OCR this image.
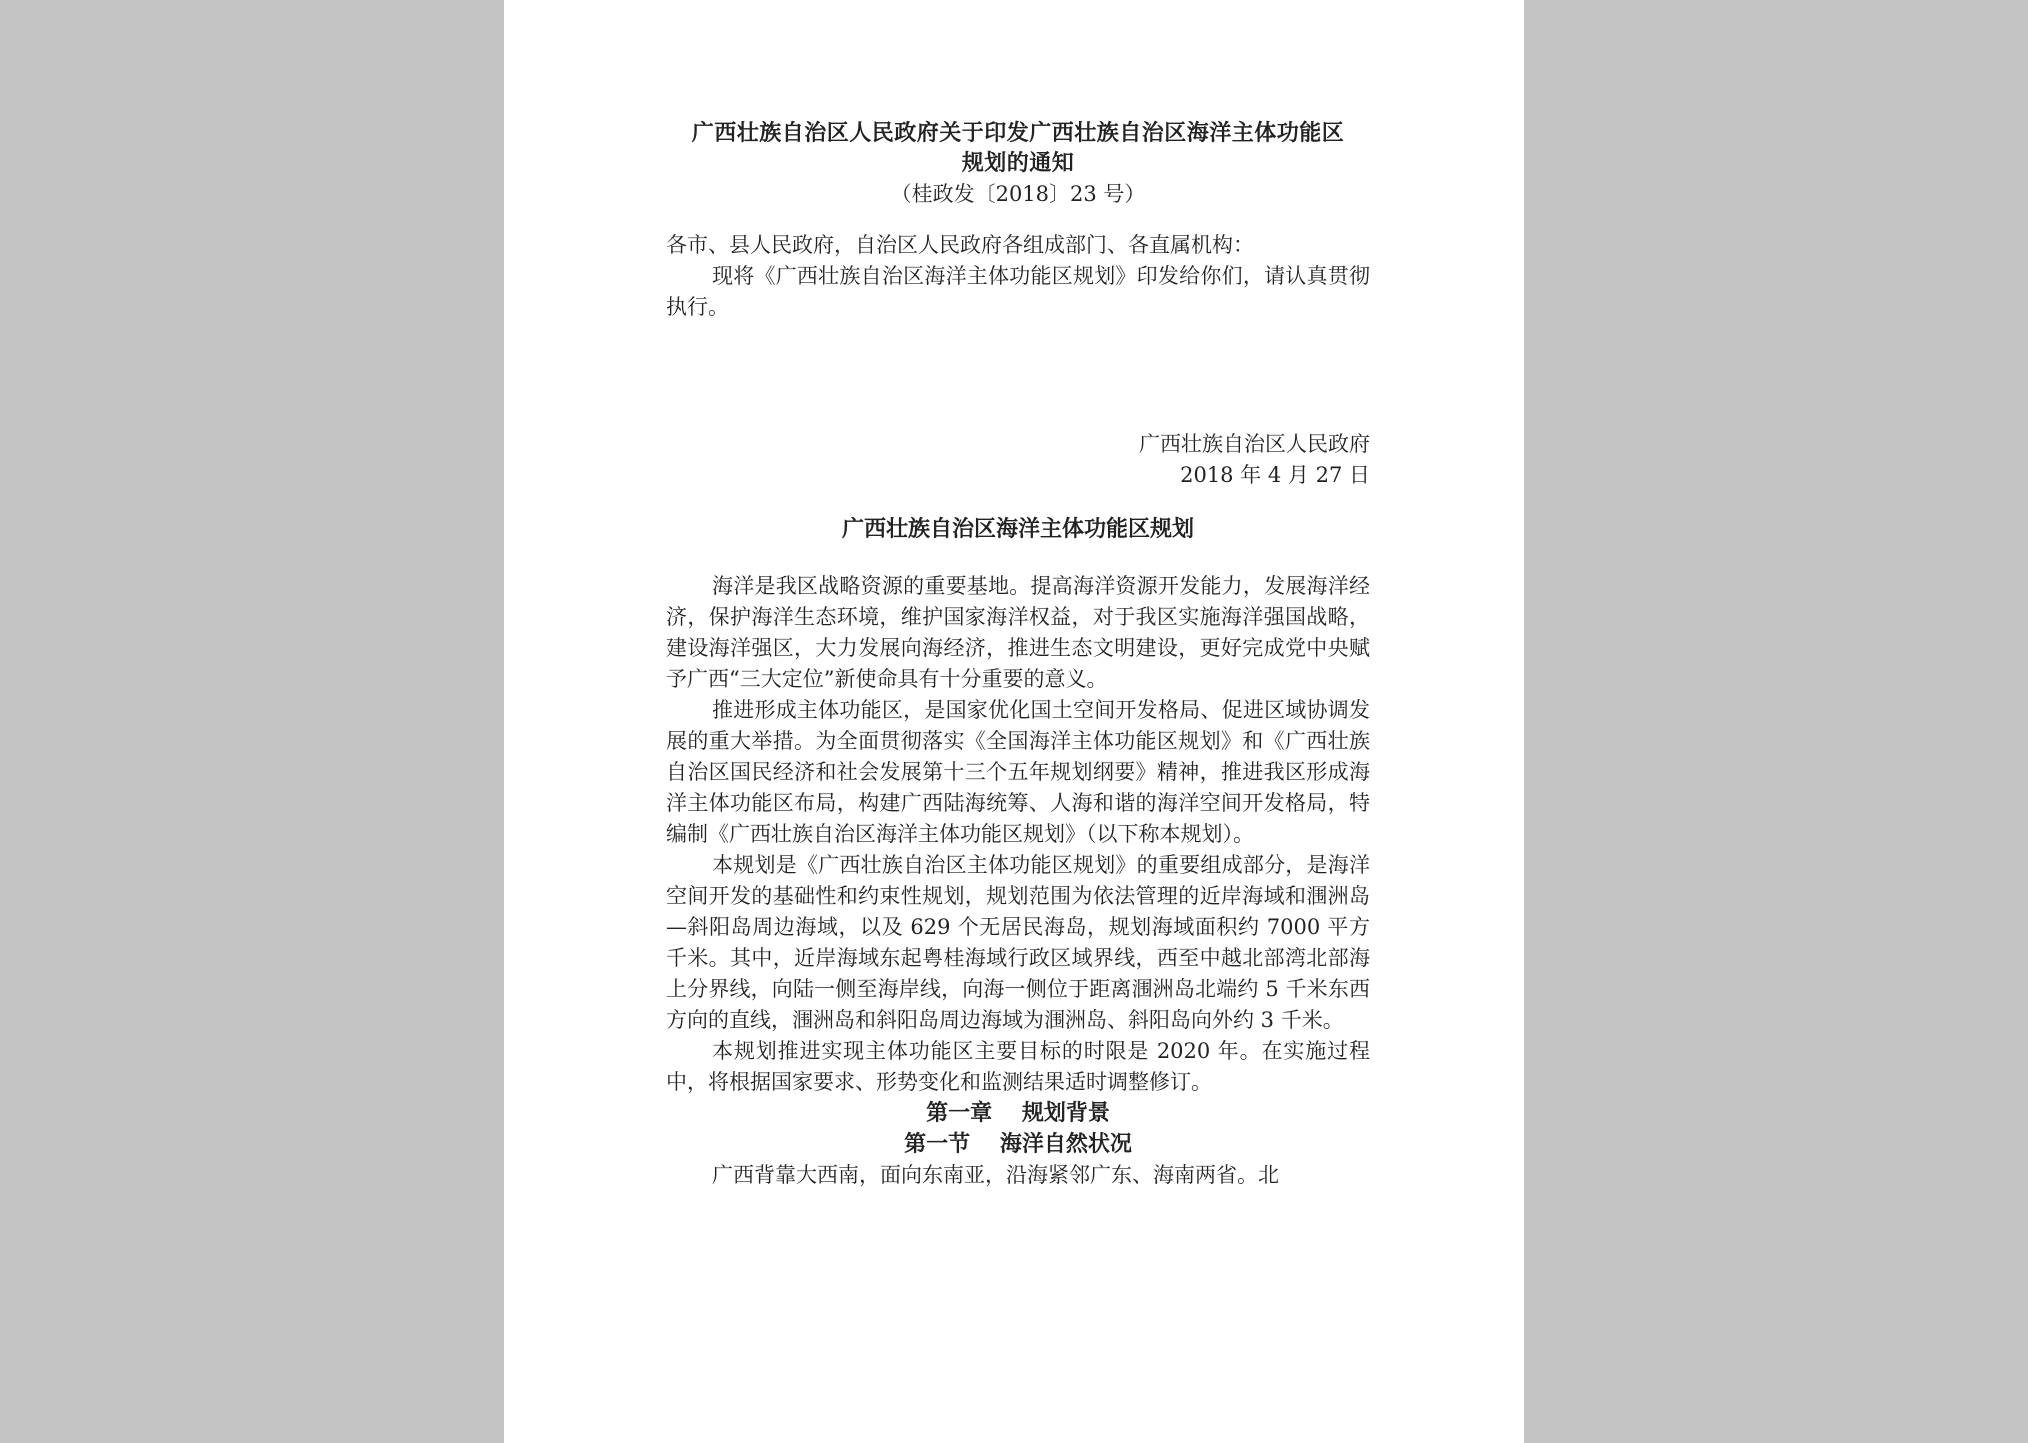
广西壮族自治区人民政府关于印发广西壮族自治区海洋主体功能区
规划的通知
（桂政发〔2018〕23 号）

各市、县人民政府，自治区人民政府各组成部门、各直属机构：

现将《广西壮族自治区海洋主体功能区规划》印发给你们，请认真贯彻执行。

广西壮族自治区人民政府
2018 年 4 月 27 日
广西壮族自治区海洋主体功能区规划

海洋是我区战略资源的重要基地。提高海洋资源开发能力，发展海洋经济，保护海洋生态环境，维护国家海洋权益，对于我区实施海洋强国战略，建设海洋强区，大力发展向海经济，推进生态文明建设，更好完成党中央赋予广西“三大定位”新使命具有十分重要的意义。

推进形成主体功能区，是国家优化国土空间开发格局、促进区域协调发展的重大举措。为全面贯彻落实《全国海洋主体功能区规划》和《广西壮族自治区国民经济和社会发展第十三个五年规划纲要》精神，推进我区形成海洋主体功能区布局，构建广西陆海统筹、人海和谐的海洋空间开发格局，特编制《广西壮族自治区海洋主体功能区规划》（以下称本规划）。

本规划是《广西壮族自治区主体功能区规划》的重要组成部分，是海洋空间开发的基础性和约束性规划，规划范围为依法管理的近岸海域和涠洲岛—斜阳岛周边海域，以及 629 个无居民海岛，规划海域面积约 7000 平方千米。其中，近岸海域东起粤桂海域行政区域界线，西至中越北部湾北部海上分界线，向陆一侧至海岸线，向海一侧位于距离涠洲岛北端约 5 千米东西方向的直线，涠洲岛和斜阳岛周边海域为涠洲岛、斜阳岛向外约 3 千米。

本规划推进实现主体功能区主要目标的时限是 2020 年。在实施过程中，将根据国家要求、形势变化和监测结果适时调整修订。

第一章　 规划背景
第一节　 海洋自然状况

广西背靠大西南，面向东南亚，沿海紧邻广东、海南两省。北
